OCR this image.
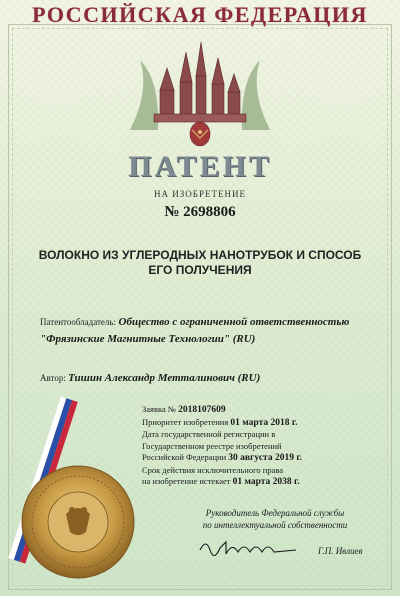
РОССИЙСКАЯ ФЕДЕРАЦИЯ
ПАТЕНТ
НА ИЗОБРЕТЕНИЕ
№ 2698806
ВОЛОКНО ИЗ УГЛЕРОДНЫХ НАНОТРУБОК И СПОСОБ
ЕГО ПОЛУЧЕНИЯ
Патентообладатель: Общество с ограниченной ответственностью
"Фрязинские Магнитные Технологии" (RU)
Автор: Тишин Александр Метталинович (RU)
Заявка № 2018107609
Приоритет изобретения 01 марта 2018 г.
Дата государственной регистрации в
Государственном реестре изобретений
Российской Федерации 30 августа 2019 г.
Срок действия исключительного права
на изобретение истекает 01 марта 2038 г.
Руководитель Федеральной службы
по интеллектуальной собственности
Г.П. Ивлиев
